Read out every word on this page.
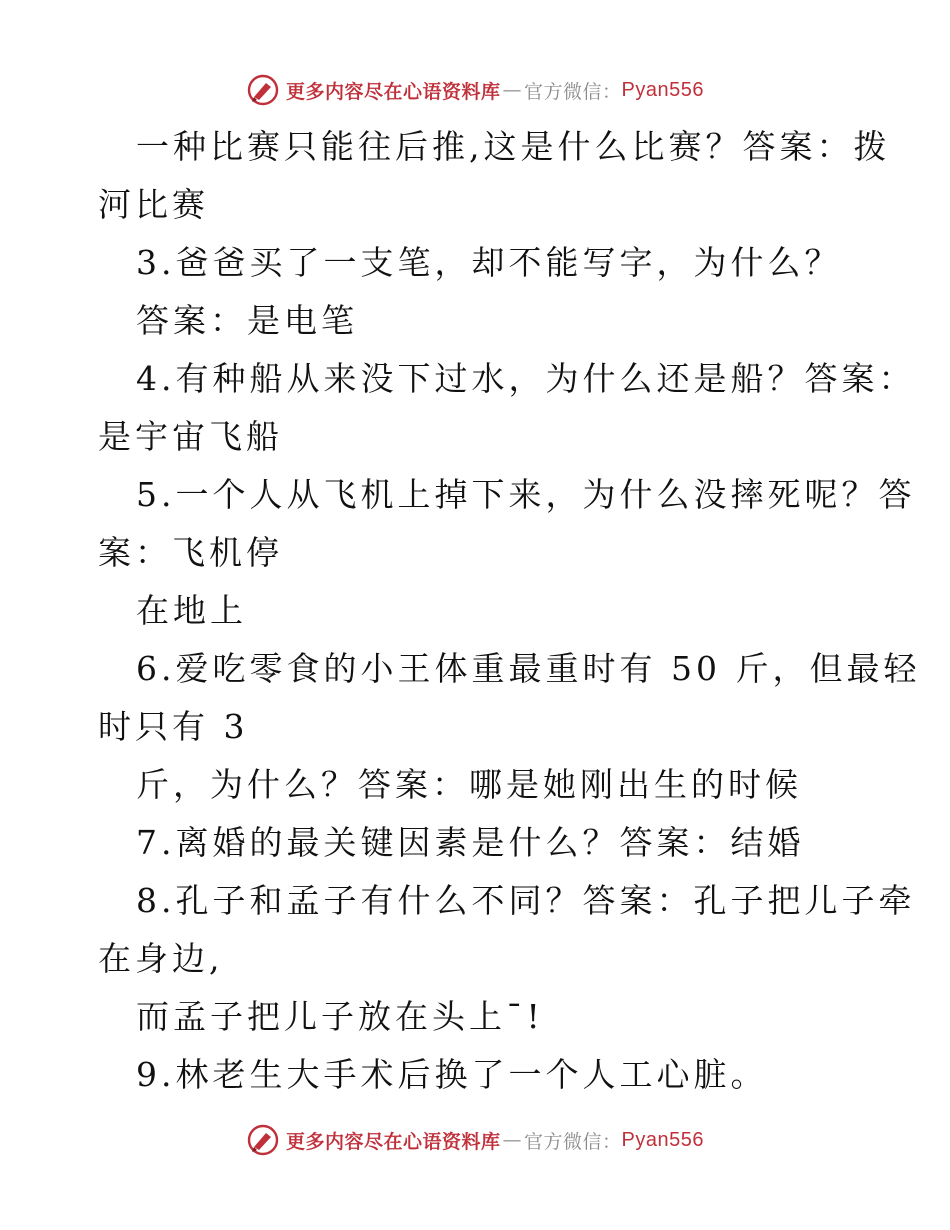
更多内容尽在心语资料库 — 官方微信： Pyan556
一种比赛只能往后推,这是什么比赛？答案：拨
河比赛
3.爸爸买了一支笔，却不能写字，为什么？
答案：是电笔
4.有种船从来没下过水，为什么还是船？答案：
是宇宙飞船
5.一个人从飞机上掉下来，为什么没摔死呢？答
案：飞机停
在地上
6.爱吃零食的小王体重最重时有 50 斤，但最轻
时只有 3
斤，为什么？答案：哪是她刚出生的时候
7.离婚的最关键因素是什么？答案：结婚
8.孔子和孟子有什么不同？答案：孔子把儿子牵
在身边,
而孟子把儿子放在头上¯!
9.林老生大手术后换了一个人工心脏。
更多内容尽在心语资料库 — 官方微信： Pyan556
